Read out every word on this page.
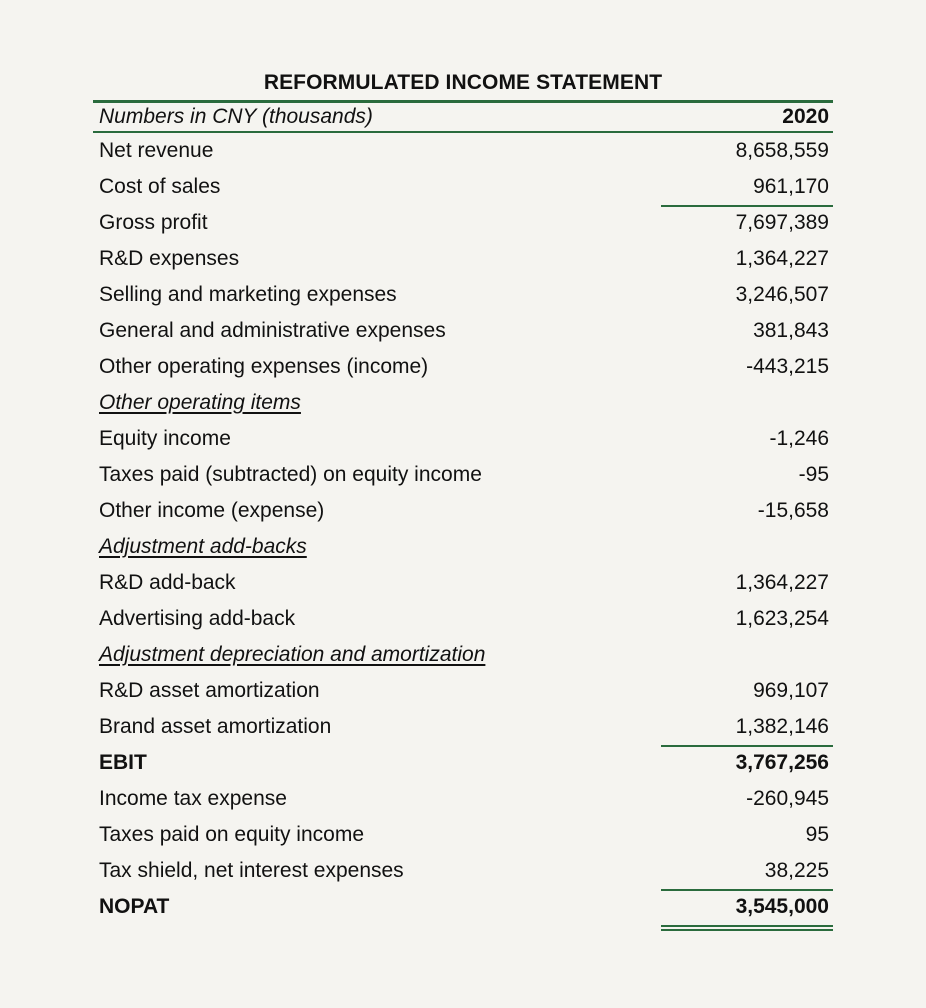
REFORMULATED INCOME STATEMENT
Numbers in CNY (thousands)	2020
Net revenue	8,658,559
Cost of sales	961,170
Gross profit	7,697,389
R&D expenses	1,364,227
Selling and marketing expenses	3,246,507
General and administrative expenses	381,843
Other operating expenses (income)	-443,215
Other operating items
Equity income	-1,246
Taxes paid (subtracted) on equity income	-95
Other income (expense)	-15,658
Adjustment add-backs
R&D add-back	1,364,227
Advertising add-back	1,623,254
Adjustment depreciation and amortization
R&D asset amortization	969,107
Brand asset amortization	1,382,146
EBIT	3,767,256
Income tax expense	-260,945
Taxes paid on equity income	95
Tax shield, net interest expenses	38,225
NOPAT	3,545,000
